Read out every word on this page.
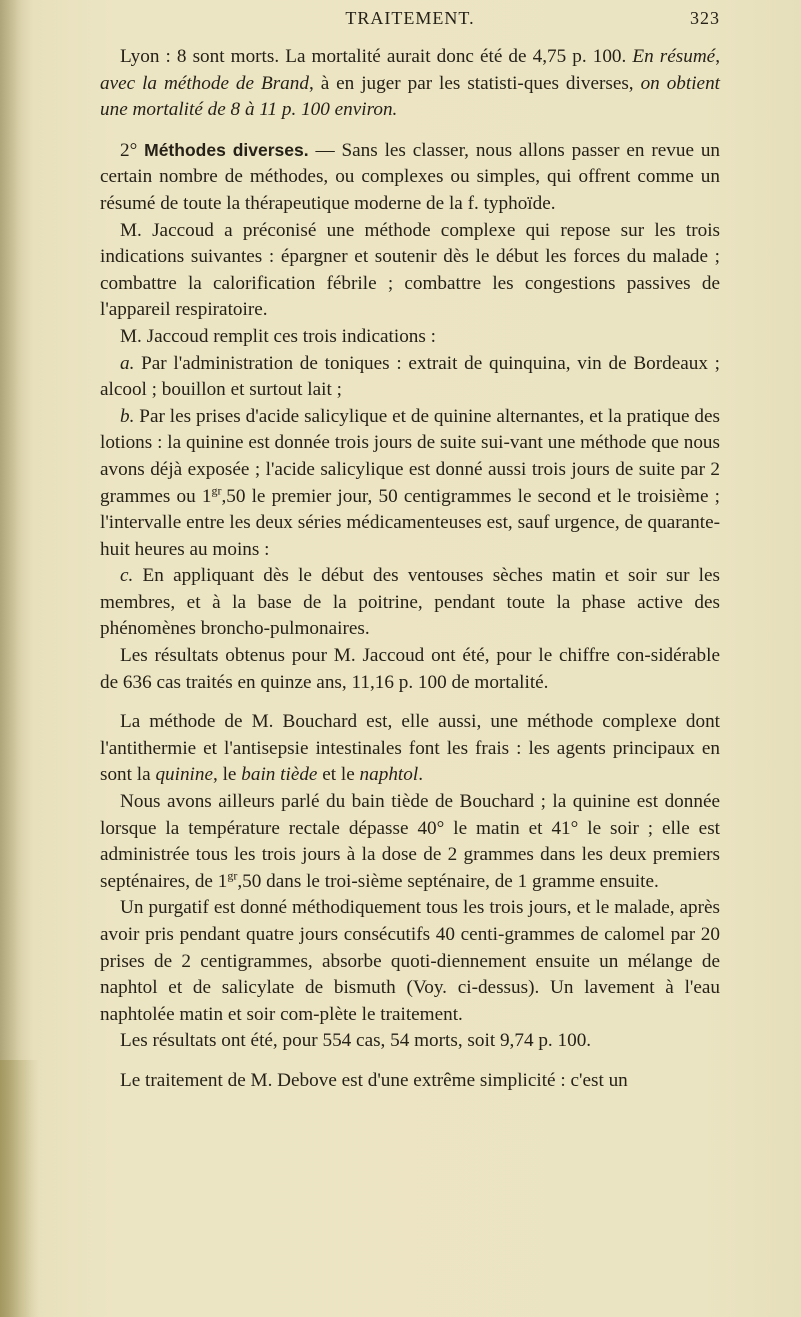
TRAITEMENT.	323

Lyon : 8 sont morts. La mortalité aurait donc été de 4,75 p. 100. En résumé, avec la méthode de Brand, à en juger par les statisti-ques diverses, on obtient une mortalité de 8 à 11 p. 100 environ.

2° Méthodes diverses. — Sans les classer, nous allons passer en revue un certain nombre de méthodes, ou complexes ou simples, qui offrent comme un résumé de toute la thérapeutique moderne de la f. typhoïde.

M. Jaccoud a préconisé une méthode complexe qui repose sur les trois indications suivantes : épargner et soutenir dès le début les forces du malade ; combattre la calorification fébrile ; combattre les congestions passives de l'appareil respiratoire.

M. Jaccoud remplit ces trois indications :

a. Par l'administration de toniques : extrait de quinquina, vin de Bordeaux ; alcool ; bouillon et surtout lait ;

b. Par les prises d'acide salicylique et de quinine alternantes, et la pratique des lotions : la quinine est donnée trois jours de suite sui-vant une méthode que nous avons déjà exposée ; l'acide salicylique est donné aussi trois jours de suite par 2 grammes ou $1^{gr},50$ le premier jour, 50 centigrammes le second et le troisième ; l'intervalle entre les deux séries médicamenteuses est, sauf urgence, de quarante-huit heures au moins :

c. En appliquant dès le début des ventouses sèches matin et soir sur les membres, et à la base de la poitrine, pendant toute la phase active des phénomènes broncho-pulmonaires.

Les résultats obtenus pour M. Jaccoud ont été, pour le chiffre con-sidérable de 636 cas traités en quinze ans, 11,16 p. 100 de mortalité.

La méthode de M. Bouchard est, elle aussi, une méthode complexe dont l'antithermie et l'antisepsie intestinales font les frais : les agents principaux en sont la quinine, le bain tiède et le naphtol.

Nous avons ailleurs parlé du bain tiède de Bouchard ; la quinine est donnée lorsque la température rectale dépasse 40° le matin et 41° le soir ; elle est administrée tous les trois jours à la dose de 2 grammes dans les deux premiers septénaires, de $1^{gr},50$ dans le troi-sième septénaire, de 1 gramme ensuite.

Un purgatif est donné méthodiquement tous les trois jours, et le malade, après avoir pris pendant quatre jours consécutifs 40 centi-grammes de calomel par 20 prises de 2 centigrammes, absorbe quoti-diennement ensuite un mélange de naphtol et de salicylate de bismuth (Voy. ci-dessus). Un lavement à l'eau naphtolée matin et soir com-plète le traitement.

Les résultats ont été, pour 554 cas, 54 morts, soit 9,74 p. 100.

Le traitement de M. Debove est d'une extrême simplicité : c'est un
